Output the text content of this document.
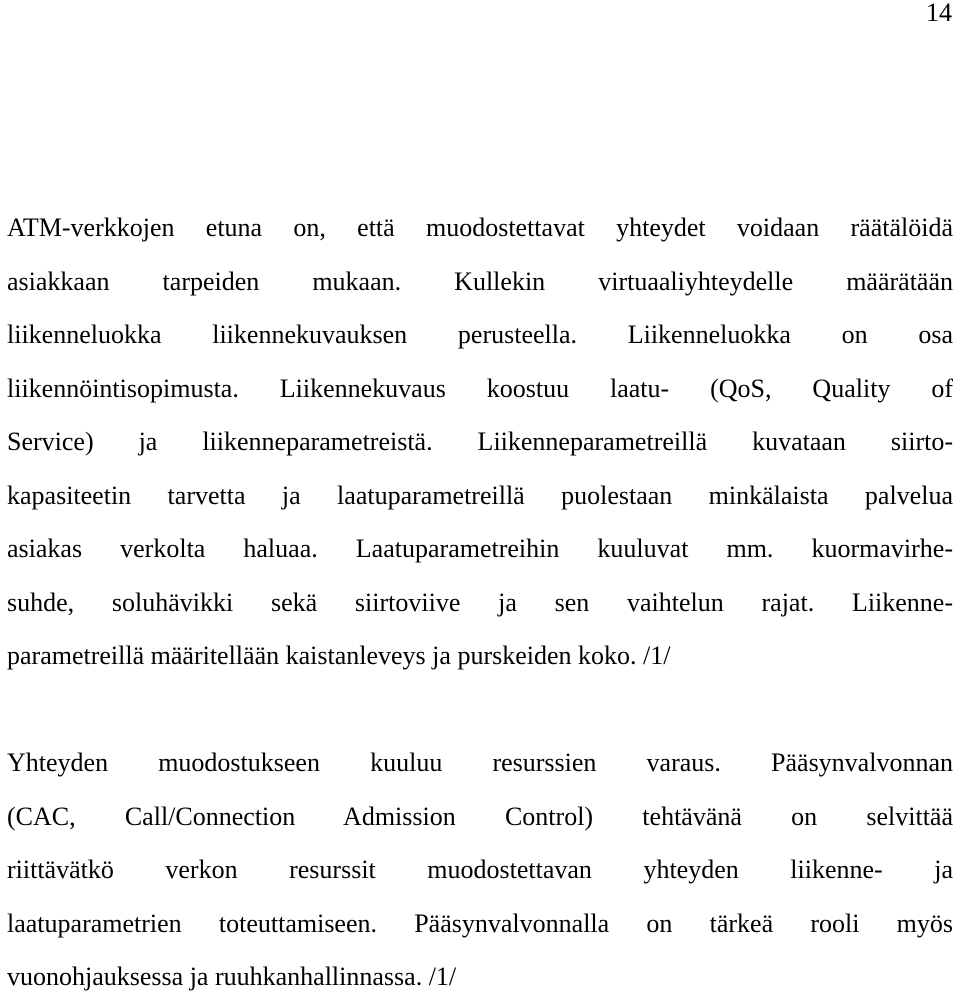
14
ATM-verkkojen etuna on, että muodostettavat yhteydet voidaan räätälöidä
asiakkaan tarpeiden mukaan. Kullekin virtuaaliyhteydelle määrätään
liikenneluokka liikennekuvauksen perusteella. Liikenneluokka on osa
liikennöintisopimusta. Liikennekuvaus koostuu laatu- (QoS, Quality of
Service) ja liikenneparametreistä. Liikenneparametreillä kuvataan siirto-
kapasiteetin tarvetta ja laatuparametreillä puolestaan minkälaista palvelua
asiakas verkolta haluaa. Laatuparametreihin kuuluvat mm. kuormavirhe-
suhde, soluhävikki sekä siirtoviive ja sen vaihtelun rajat. Liikenne-
parametreillä määritellään kaistanleveys ja purskeiden koko. /1/
Yhteyden muodostukseen kuuluu resurssien varaus. Pääsynvalvonnan
(CAC, Call/Connection Admission Control) tehtävänä on selvittää
riittävätkö verkon resurssit muodostettavan yhteyden liikenne- ja
laatuparametrien toteuttamiseen. Pääsynvalvonnalla on tärkeä rooli myös
vuonohjauksessa ja ruuhkanhallinnassa. /1/
